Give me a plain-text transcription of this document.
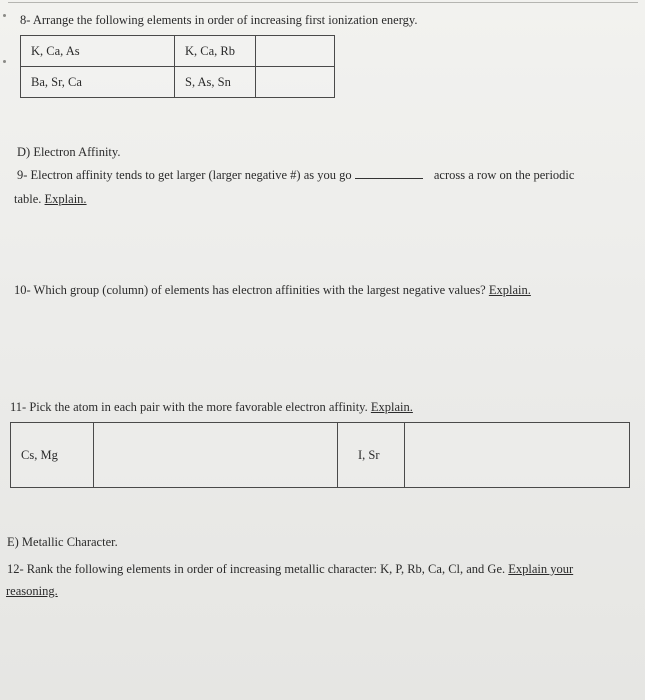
8- Arrange the following elements in order of increasing first ionization energy.
K, Ca, As	K, Ca, Rb	
Ba, Sr, Ca	S, As, Sn	
D) Electron Affinity.
9- Electron affinity tends to get larger (larger negative #) as you go	across a row on the periodic
table. Explain.
10- Which group (column) of elements has electron affinities with the largest negative values? Explain.
11- Pick the atom in each pair with the more favorable electron affinity. Explain.
Cs, Mg		I, Sr	
E) Metallic Character.
12- Rank the following elements in order of increasing metallic character: K, P, Rb, Ca, Cl, and Ge. Explain your
reasoning.
